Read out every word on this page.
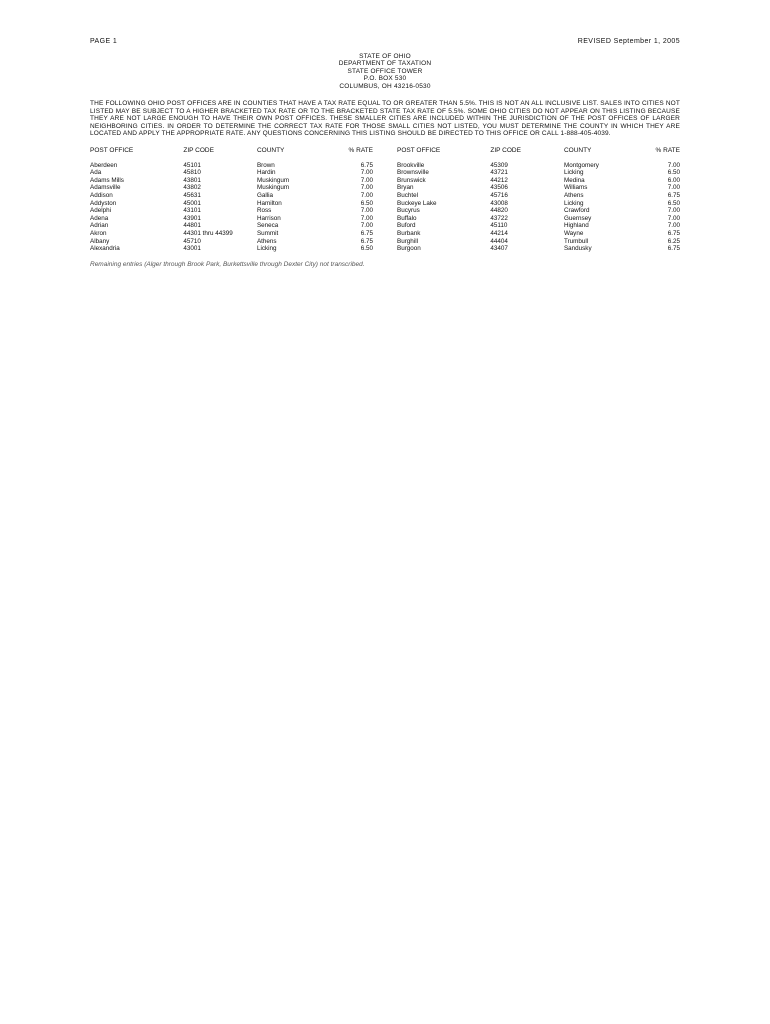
PAGE 1	REVISED September 1, 2005
STATE OF OHIO
DEPARTMENT OF TAXATION
STATE OFFICE TOWER
P.O. BOX 530
COLUMBUS, OH 43216-0530
THE FOLLOWING OHIO POST OFFICES ARE IN COUNTIES THAT HAVE A TAX RATE EQUAL TO OR GREATER THAN 5.5%. THIS IS NOT AN ALL INCLUSIVE LIST. SALES INTO CITIES NOT LISTED MAY BE SUBJECT TO A HIGHER BRACKETED TAX RATE OR TO THE BRACKETED STATE TAX RATE OF 5.5%. SOME OHIO CITIES DO NOT APPEAR ON THIS LISTING BECAUSE THEY ARE NOT LARGE ENOUGH TO HAVE THEIR OWN POST OFFICES. THESE SMALLER CITIES ARE INCLUDED WITHIN THE JURISDICTION OF THE POST OFFICES OF LARGER NEIGHBORING CITIES. IN ORDER TO DETERMINE THE CORRECT TAX RATE FOR THOSE SMALL CITIES NOT LISTED, YOU MUST DETERMINE THE COUNTY IN WHICH THEY ARE LOCATED AND APPLY THE APPROPRIATE RATE. ANY QUESTIONS CONCERNING THIS LISTING SHOULD BE DIRECTED TO THIS OFFICE OR CALL 1-888-405-4039.
POST OFFICE	ZIP CODE	COUNTY	% RATE
Aberdeen	45101	Brown	6.75
Ada	45810	Hardin	7.00
Adams Mills	43801	Muskingum	7.00
Adamsville	43802	Muskingum	7.00
Addison	45631	Gallia	7.00
Addyston	45001	Hamilton	6.50
Adelphi	43101	Ross	7.00
Adena	43901	Harrison	7.00
Adrian	44801	Seneca	7.00
Akron	44301 thru 44399	Summit	6.75
Albany	45710	Athens	6.75
Alexandria	43001	Licking	6.50
POST OFFICE	ZIP CODE	COUNTY	% RATE
Brookville	45309	Montgomery	7.00
Brownsville	43721	Licking	6.50
Brunswick	44212	Medina	6.00
Bryan	43506	Williams	7.00
Buchtel	45716	Athens	6.75
Buckeye Lake	43008	Licking	6.50
Bucyrus	44820	Crawford	7.00
Buffalo	43722	Guernsey	7.00
Buford	45110	Highland	7.00
Burbank	44214	Wayne	6.75
Burghill	44404	Trumbull	6.25
Burgoon	43407	Sandusky	6.75
Remaining entries (Alger through Brook Park, Burkettsville through Dexter City) not transcribed.
